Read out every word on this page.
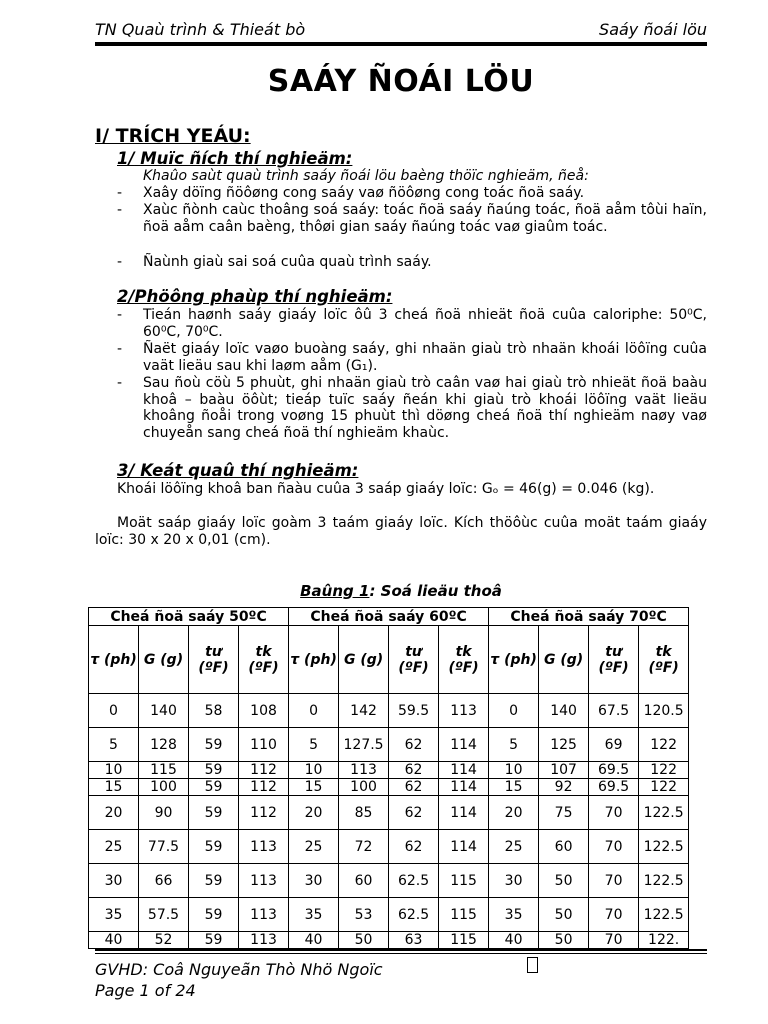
TN Quaù trình & Thieát bò	Saáy ñoái löu
SAÁY ÑOÁI LÖU
I/ TRÍCH YEÁU:
1/ Muïc ñích thí nghieäm:
Khaûo saùt quaù trình saáy ñoái löu baèng thöïc nghieäm, ñeå:
- Xaây döïng ñöôøng cong saáy vaø ñöôøng cong toác ñoä saáy.
- Xaùc ñònh caùc thoâng soá saáy: toác ñoä saáy ñaúng toác, ñoä aåm tôùi haïn, ñoä aåm caân baèng, thôøi gian saáy ñaúng toác vaø giaûm toác.
- Ñaùnh giaù sai soá cuûa quaù trình saáy.
2/Phöông phaùp thí nghieäm:
- Tieán haønh saáy giaáy loïc ôû 3 cheá ñoä nhieät ñoä cuûa caloriphe: 50⁰C, 60⁰C, 70⁰C.
- Ñaët giaáy loïc vaøo buoàng saáy, ghi nhaän giaù trò nhaän khoái löôïng cuûa vaät lieäu sau khi laøm aåm (G₁).
- Sau ñoù cöù 5 phuùt, ghi nhaän giaù trò caân vaø hai giaù trò nhieät ñoä baàu khoâ – baàu öôùt; tieáp tuïc saáy ñeán khi giaù trò khoái löôïng vaät lieäu khoâng ñoåi trong voøng 15 phuùt thì döøng cheá ñoä thí nghieäm naøy vaø chuyeån sang cheá ñoä thí nghieäm khaùc.
3/ Keát quaû thí nghieäm:
Khoái löôïng khoâ ban ñaàu cuûa 3 saáp giaáy loïc: Gₒ = 46(g) = 0.046 (kg).
Moät saáp giaáy loïc goàm 3 taám giaáy loïc. Kích thöôùc cuûa moät taám giaáy loïc: 30 x 20 x 0,01 (cm).
Baûng 1: Soá lieäu thoâ
Cheá ñoä saáy 50ºC				Cheá ñoä saáy 60ºC				Cheá ñoä saáy 70ºC			
τ (ph)	G (g)	tư (ºF)	tk (ºF)	τ (ph)	G (g)	tư (ºF)	tk (ºF)	τ (ph)	G (g)	tư (ºF)	tk (ºF)
0	140	58	108	0	142	59.5	113	0	140	67.5	120.5
5	128	59	110	5	127.5	62	114	5	125	69	122
10	115	59	112	10	113	62	114	10	107	69.5	122
15	100	59	112	15	100	62	114	15	92	69.5	122
20	90	59	112	20	85	62	114	20	75	70	122.5
25	77.5	59	113	25	72	62	114	25	60	70	122.5
30	66	59	113	30	60	62.5	115	30	50	70	122.5
35	57.5	59	113	35	53	62.5	115	35	50	70	122.5
40	52	59	113	40	50	63	115	40	50	70	122.
GVHD: Coâ Nguyeãn Thò Nhö Ngoïc
Page 1 of 24
